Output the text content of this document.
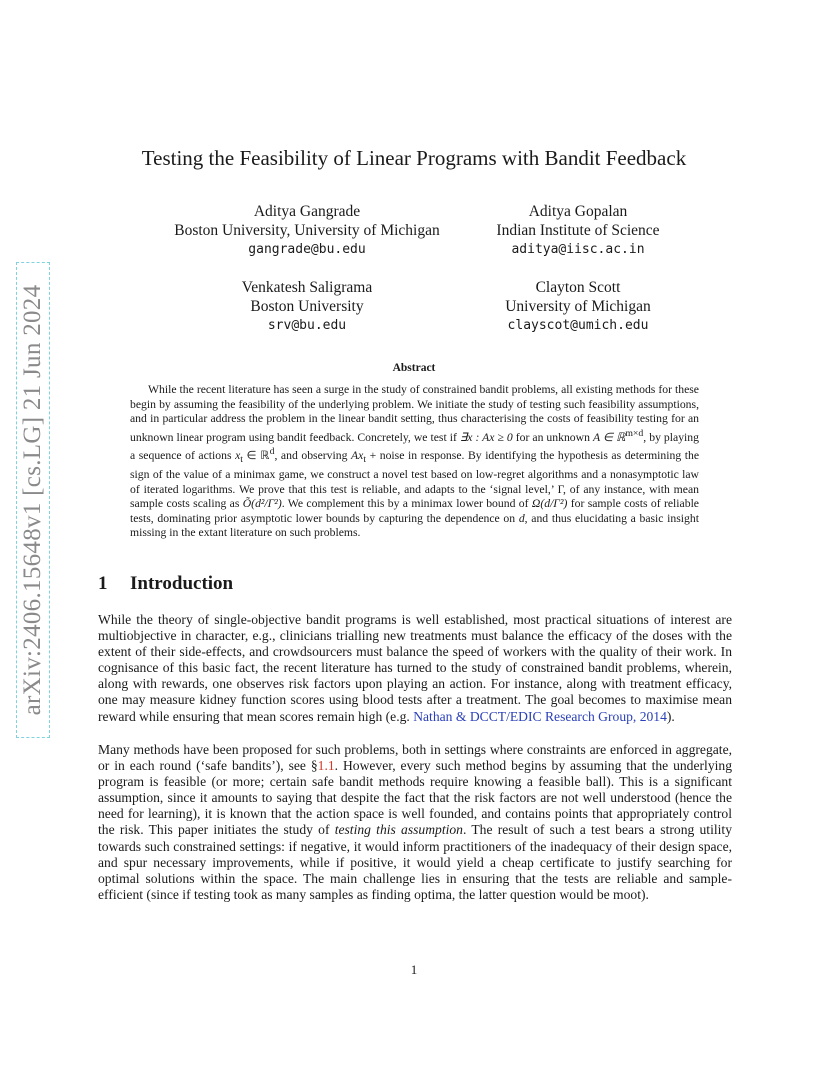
arXiv:2406.15648v1 [cs.LG] 21 Jun 2024
Testing the Feasibility of Linear Programs with Bandit Feedback
Aditya Gangrade
Boston University, University of Michigan
gangrade@bu.edu
Aditya Gopalan
Indian Institute of Science
aditya@iisc.ac.in
Venkatesh Saligrama
Boston University
srv@bu.edu
Clayton Scott
University of Michigan
clayscot@umich.edu
Abstract

While the recent literature has seen a surge in the study of constrained bandit problems, all existing methods for these begin by assuming the feasibility of the underlying problem. We initiate the study of testing such feasibility assumptions, and in particular address the problem in the linear bandit setting, thus characterising the costs of feasibility testing for an unknown linear program using bandit feedback. Concretely, we test if ∃x : Ax ≥ 0 for an unknown A ∈ ℝ$^{m\times d}$, by playing a sequence of actions $x_t$ ∈ ℝ$^d$, and observing $Ax_t$ + noise in response. By identifying the hypothesis as determining the sign of the value of a minimax game, we construct a novel test based on low-regret algorithms and a nonasymptotic law of iterated logarithms. We prove that this test is reliable, and adapts to the ‘signal level,’ Γ, of any instance, with mean sample costs scaling as Õ(d²/Γ²). We complement this by a minimax lower bound of Ω(d/Γ²) for sample costs of reliable tests, dominating prior asymptotic lower bounds by capturing the dependence on d, and thus elucidating a basic insight missing in the extant literature on such problems.

1 Introduction

While the theory of single-objective bandit programs is well established, most practical situations of interest are multiobjective in character, e.g., clinicians trialling new treatments must balance the efficacy of the doses with the extent of their side-effects, and crowdsourcers must balance the speed of workers with the quality of their work. In cognisance of this basic fact, the recent literature has turned to the study of constrained bandit problems, wherein, along with rewards, one observes risk factors upon playing an action. For instance, along with treatment efficacy, one may measure kidney function scores using blood tests after a treatment. The goal becomes to maximise mean reward while ensuring that mean scores remain high (e.g. Nathan & DCCT/EDIC Research Group, 2014).

Many methods have been proposed for such problems, both in settings where constraints are enforced in aggregate, or in each round (‘safe bandits’), see §1.1. However, every such method begins by assuming that the underlying program is feasible (or more; certain safe bandit methods require knowing a feasible ball). This is a significant assumption, since it amounts to saying that despite the fact that the risk factors are not well understood (hence the need for learning), it is known that the action space is well founded, and contains points that appropriately control the risk. This paper initiates the study of testing this assumption. The result of such a test bears a strong utility towards such constrained settings: if negative, it would inform practitioners of the inadequacy of their design space, and spur necessary improvements, while if positive, it would yield a cheap certificate to justify searching for optimal solutions within the space. The main challenge lies in ensuring that the tests are reliable and sample-efficient (since if testing took as many samples as finding optima, the latter question would be moot).

1
